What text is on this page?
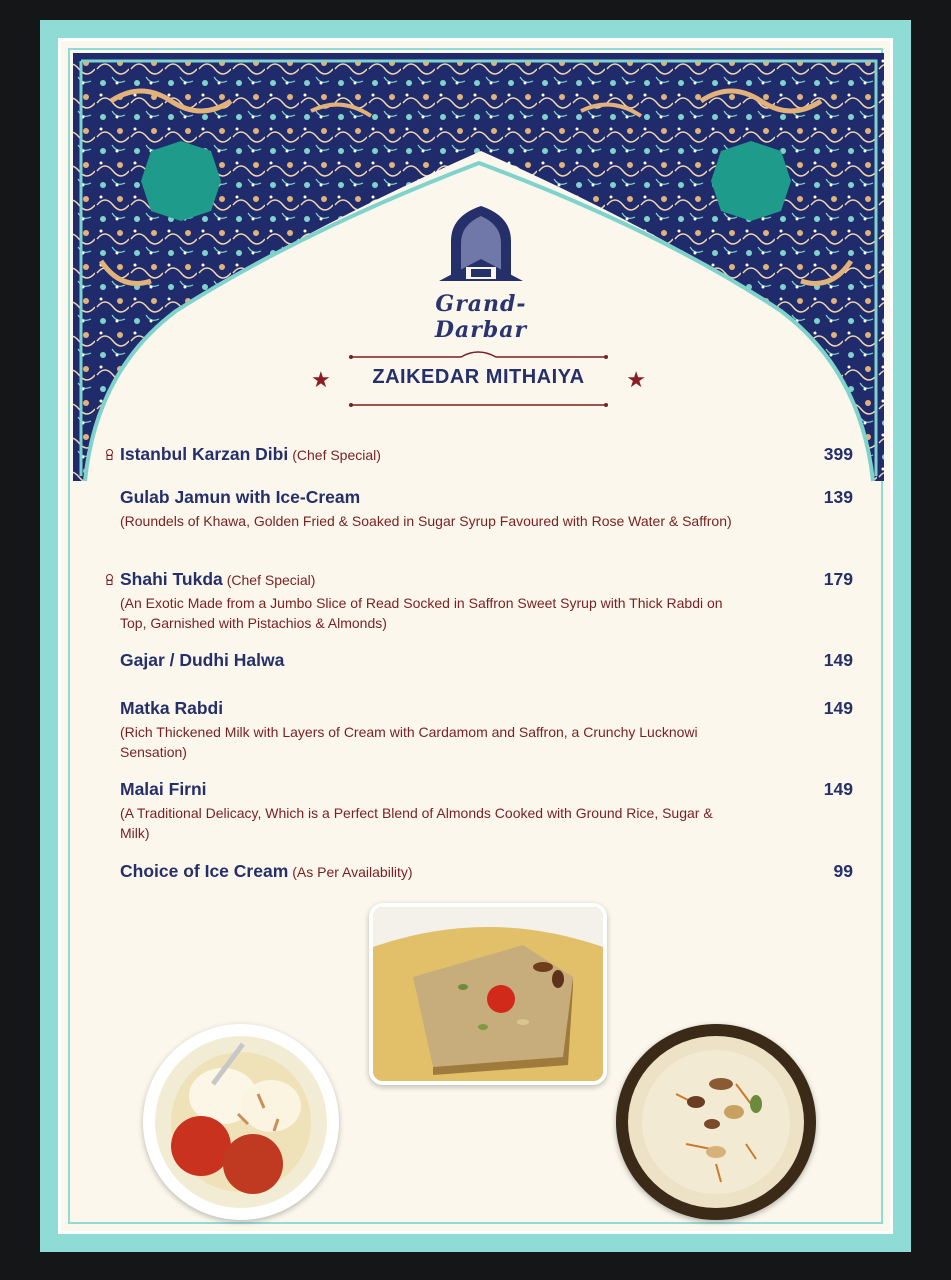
Grand-Darbar
★	ZAIKEDAR MITHAIYA	★
Istanbul Karzan Dibi (Chef Special)	399
Gulab Jamun with Ice-Cream	139
(Roundels of Khawa, Golden Fried & Soaked in Sugar Syrup Favoured with Rose Water & Saffron)
Shahi Tukda (Chef Special)	179
(An Exotic Made from a Jumbo Slice of Read Socked in Saffron Sweet Syrup with Thick Rabdi on Top, Garnished with Pistachios & Almonds)
Gajar / Dudhi Halwa	149
Matka Rabdi	149
(Rich Thickened Milk with Layers of Cream with Cardamom and Saffron, a Crunchy Lucknowi Sensation)
Malai Firni	149
(A Traditional Delicacy, Which is a Perfect Blend of Almonds Cooked with Ground Rice, Sugar & Milk)
Choice of Ice Cream (As Per Availability)	99
